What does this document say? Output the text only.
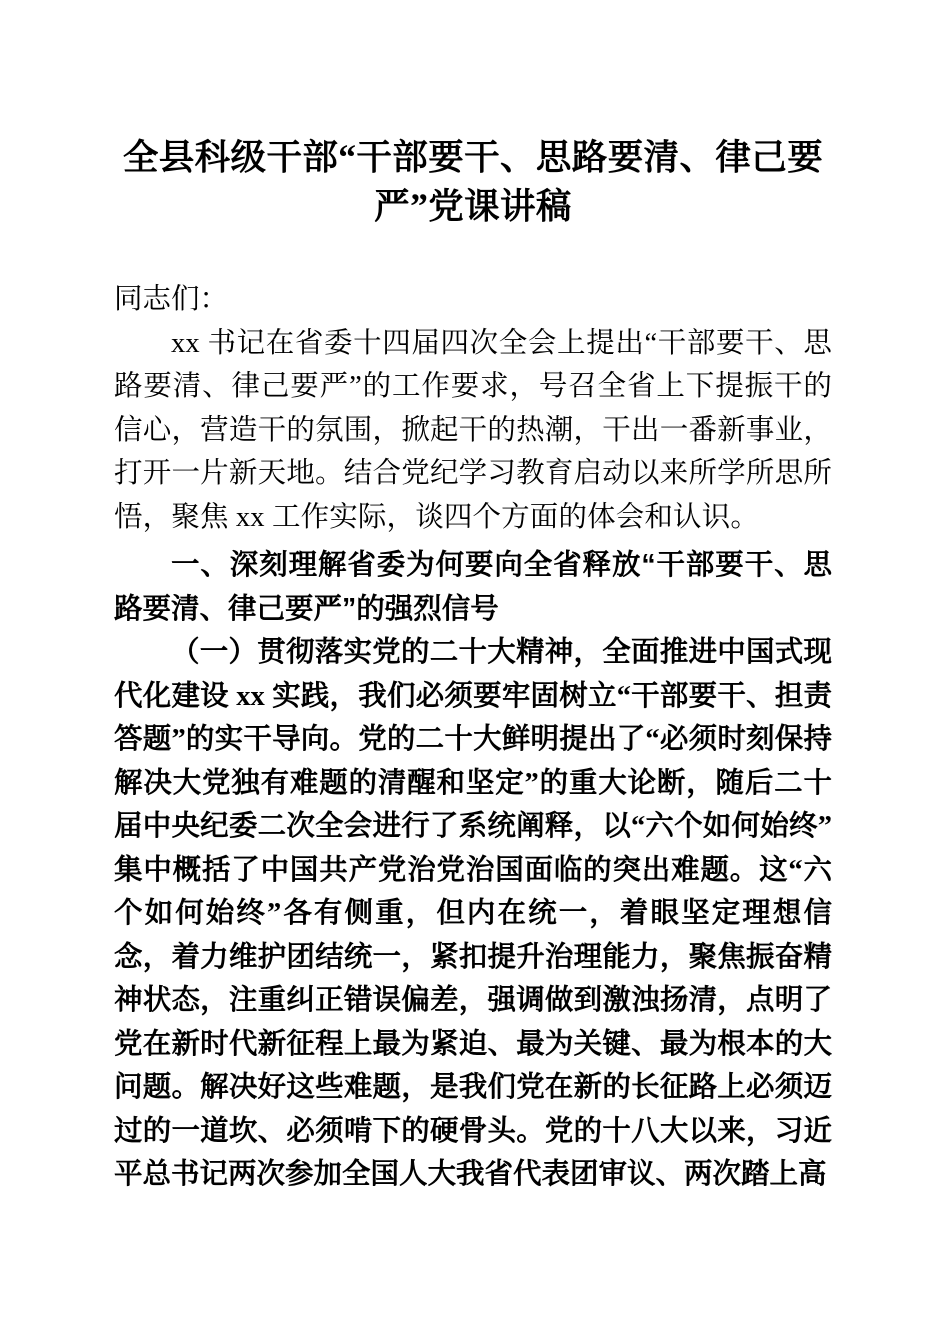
全县科级干部“干部要干、思路要清、律己要严”党课讲稿

同志们：

xx 书记在省委十四届四次全会上提出“干部要干、思路要清、律己要严”的工作要求，号召全省上下提振干的信心，营造干的氛围，掀起干的热潮，干出一番新事业，打开一片新天地。结合党纪学习教育启动以来所学所思所悟，聚焦 xx 工作实际，谈四个方面的体会和认识。

一、深刻理解省委为何要向全省释放“干部要干、思路要清、律己要严”的强烈信号

（一）贯彻落实党的二十大精神，全面推进中国式现代化建设 xx 实践，我们必须要牢固树立“干部要干、担责答题”的实干导向。党的二十大鲜明提出了“必须时刻保持解决大党独有难题的清醒和坚定”的重大论断，随后二十届中央纪委二次全会进行了系统阐释，以“六个如何始终”集中概括了中国共产党治党治国面临的突出难题。这“六个如何始终”各有侧重，但内在统一，着眼坚定理想信念，着力维护团结统一，紧扣提升治理能力，聚焦振奋精神状态，注重纠正错误偏差，强调做到激浊扬清，点明了党在新时代新征程上最为紧迫、最为关键、最为根本的大问题。解决好这些难题，是我们党在新的长征路上必须迈过的一道坎、必须啃下的硬骨头。党的十八大以来，习近平总书记两次参加全国人大我省代表团审议、两次踏上高
